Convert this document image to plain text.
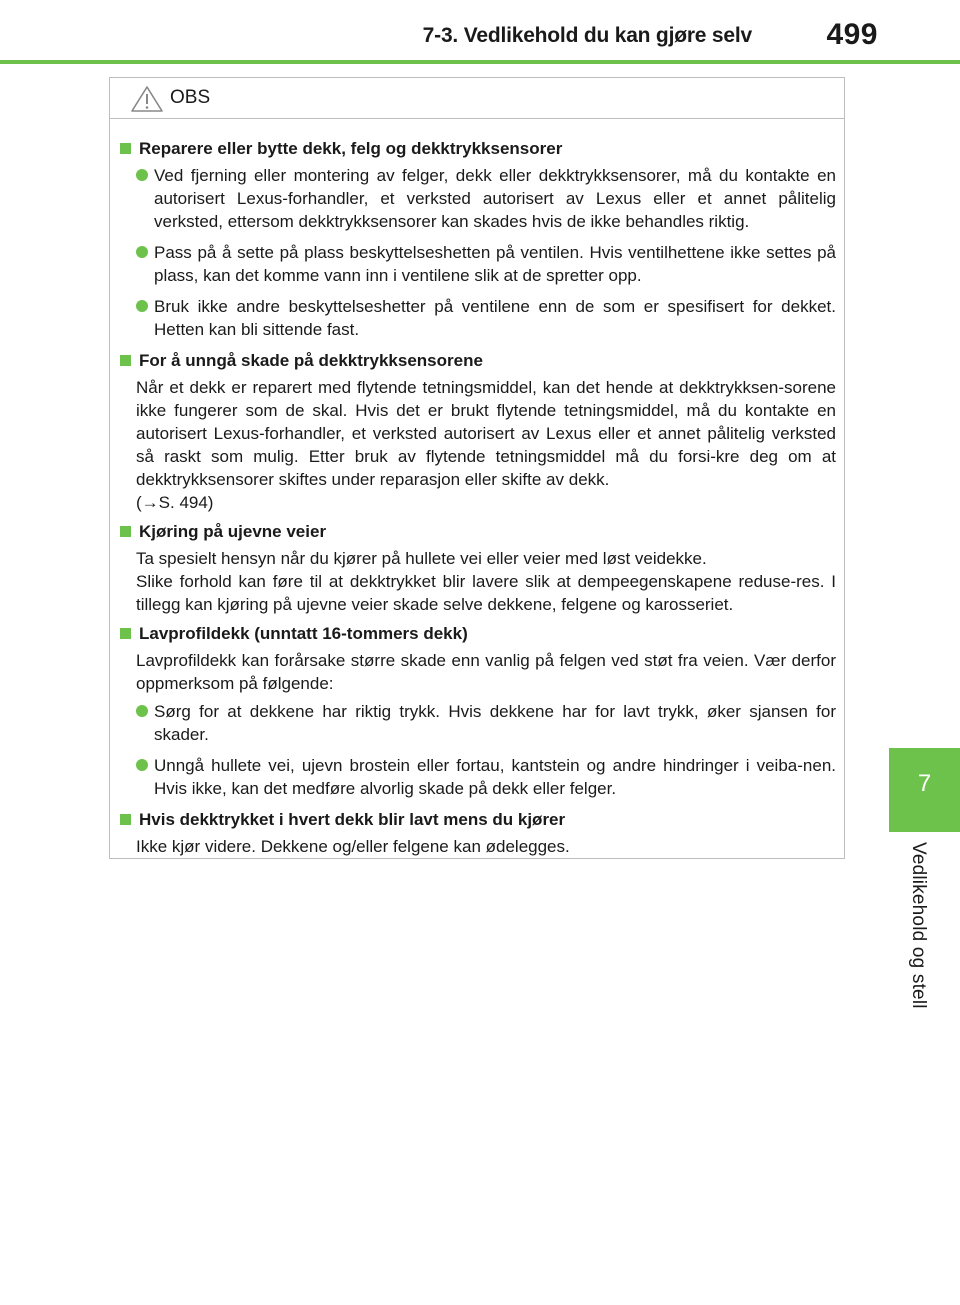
7-3. Vedlikehold du kan gjøre selv 499
7
Vedlikehold og stell
OBS
Reparere eller bytte dekk, felg og dekktrykksensorer
Ved fjerning eller montering av felger, dekk eller dekktrykksensorer, må du kontakte en autorisert Lexus-forhandler, et verksted autorisert av Lexus eller et annet pålitelig verksted, ettersom dekktrykksensorer kan skades hvis de ikke behandles riktig.
Pass på å sette på plass beskyttelseshetten på ventilen. Hvis ventilhettene ikke settes på plass, kan det komme vann inn i ventilene slik at de spretter opp.
Bruk ikke andre beskyttelseshetter på ventilene enn de som er spesifisert for dekket. Hetten kan bli sittende fast.
For å unngå skade på dekktrykksensorene

Når et dekk er reparert med flytende tetningsmiddel, kan det hende at dekktrykksen-sorene ikke fungerer som de skal. Hvis det er brukt flytende tetningsmiddel, må du kontakte en autorisert Lexus-forhandler, et verksted autorisert av Lexus eller et annet pålitelig verksted så raskt som mulig. Etter bruk av flytende tetningsmiddel må du forsi-kre deg om at dekktrykksensorer skiftes under reparasjon eller skifte av dekk.

(→S. 494)

Kjøring på ujevne veier

Ta spesielt hensyn når du kjører på hullete vei eller veier med løst veidekke.

Slike forhold kan føre til at dekktrykket blir lavere slik at dempeegenskapene reduse-res. I tillegg kan kjøring på ujevne veier skade selve dekkene, felgene og karosseriet.

Lavprofildekk (unntatt 16-tommers dekk)

Lavprofildekk kan forårsake større skade enn vanlig på felgen ved støt fra veien. Vær derfor oppmerksom på følgende:

Sørg for at dekkene har riktig trykk. Hvis dekkene har for lavt trykk, øker sjansen for skader.
Unngå hullete vei, ujevn brostein eller fortau, kantstein og andre hindringer i veiba-nen. Hvis ikke, kan det medføre alvorlig skade på dekk eller felger.
Hvis dekktrykket i hvert dekk blir lavt mens du kjører

Ikke kjør videre. Dekkene og/eller felgene kan ødelegges.
